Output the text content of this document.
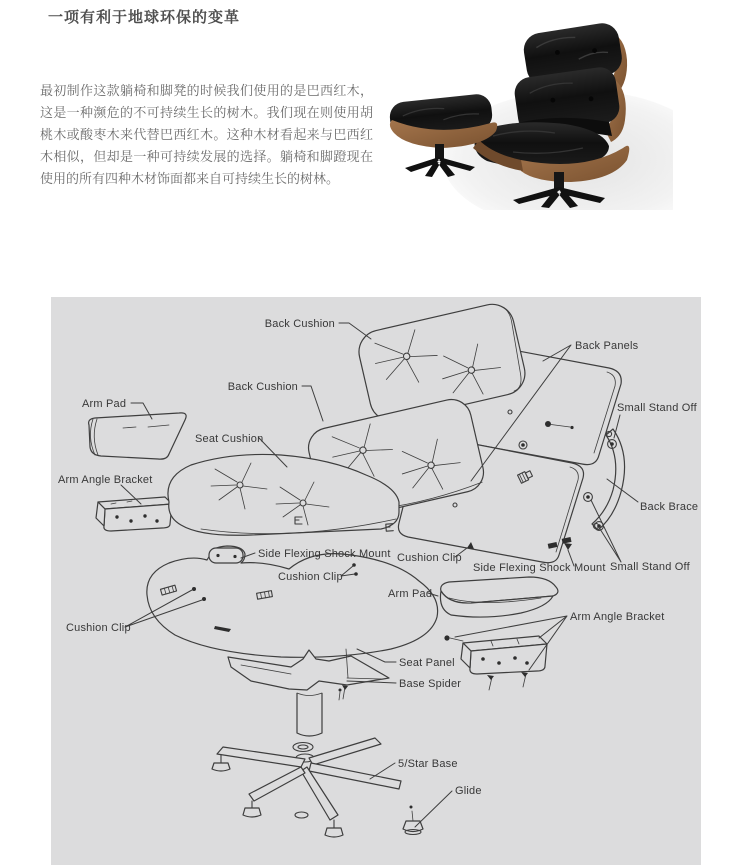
一项有利于地球环保的变革

最初制作这款躺椅和脚凳的时候我们使用的是巴西红木，这是一种濒危的不可持续生长的树木。我们现在则使用胡桃木或酸枣木来代替巴西红木。这种木材看起来与巴西红木相似，但却是一种可持续发展的选择。躺椅和脚蹬现在使用的所有四种木材饰面都来自可持续生长的树林。

Back Cushion
Back Panels
Back Cushion
Small Stand Off
Arm Pad
Seat Cushion
Arm Angle Bracket
Back Brace
Side Flexing Shock Mount Cushion Clip
Side Flexing Shock Mount Small Stand Off
Cushion Clip
Arm Pad
Cushion Clip
Arm Angle Bracket
Seat Panel
Base Spider
5/Star Base
Glide
